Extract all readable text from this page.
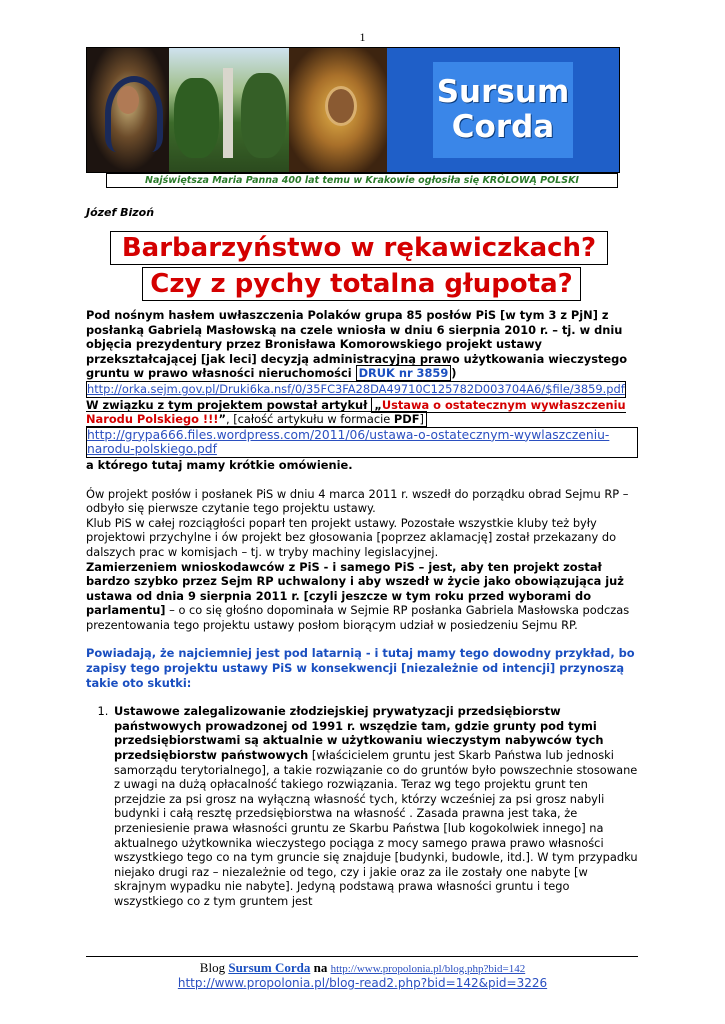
1
Sursum
Corda
Najświętsza Maria Panna 400 lat temu w Krakowie ogłosiła się KRÓLOWĄ POLSKI
Józef Bizoń
Barbarzyństwo w rękawiczkach?
Czy z pychy totalna głupota?

Pod nośnym hasłem uwłaszczenia Polaków grupa 85 posłów PiS [w tym 3 z PjN] z posłanką Gabrielą Masłowską na czele wniosła w dniu 6 sierpnia 2010 r. – tj. w dniu objęcia prezydentury przez Bronisława Komorowskiego projekt ustawy przekształcającej [jak leci] decyzją administracyjną prawo użytkowania wieczystego gruntu w prawo własności nieruchomości DRUK nr 3859 )
http://orka.sejm.gov.pl/Druki6ka.nsf/0/35FC3FA28DA49710C125782D003704A6/$file/3859.pdf
W związku z tym projektem powstał artykuł „Ustawa o ostatecznym wywłaszczeniu Narodu Polskiego !!!”, [całość artykułu w formacie PDF]
http://grypa666.files.wordpress.com/2011/06/ustawa-o-ostatecznym-wywlaszczeniu-narodu-polskiego.pdf
a którego tutaj mamy krótkie omówienie.

Ów projekt posłów i posłanek PiS w dniu 4 marca 2011 r. wszedł do porządku obrad Sejmu RP – odbyło się pierwsze czytanie tego projektu ustawy.
Klub PiS w całej rozciągłości poparł ten projekt ustawy. Pozostałe wszystkie kluby też były projektowi przychylne i ów projekt bez głosowania [poprzez aklamację] został przekazany do dalszych prac w komisjach – tj. w tryby machiny legislacyjnej.
Zamierzeniem wnioskodawców z PiS - i samego PiS – jest, aby ten projekt został bardzo szybko przez Sejm RP uchwalony i aby wszedł w życie jako obowiązująca już ustawa od dnia 9 sierpnia 2011 r. [czyli jeszcze w tym roku przed wyborami do parlamentu] – o co się głośno dopominała w Sejmie RP posłanka Gabriela Masłowska podczas prezentowania tego projektu ustawy posłom biorącym udział w posiedzeniu Sejmu RP.

Powiadają, że najciemniej jest pod latarnią - i tutaj mamy tego dowodny przykład, bo zapisy tego projektu ustawy PiS w konsekwencji [niezależnie od intencji] przynoszą takie oto skutki:

1. Ustawowe zalegalizowanie złodziejskiej prywatyzacji przedsiębiorstw państwowych prowadzonej od 1991 r. wszędzie tam, gdzie grunty pod tymi przedsiębiorstwami są aktualnie w użytkowaniu wieczystym nabywców tych przedsiębiorstw państwowych [właścicielem gruntu jest Skarb Państwa lub jednoski samorządu terytorialnego], a takie rozwiązanie co do gruntów było powszechnie stosowane z uwagi na dużą opłacalność takiego rozwiązania. Teraz wg tego projektu grunt ten przejdzie za psi grosz na wyłączną własność tych, którzy wcześniej za psi grosz nabyli budynki i całą resztę przedsiębiorstwa na własność . Zasada prawna jest taka, że przeniesienie prawa własności gruntu ze Skarbu Państwa [lub kogokolwiek innego] na aktualnego użytkownika wieczystego pociąga z mocy samego prawa prawo własności wszystkiego tego co na tym gruncie się znajduje [budynki, budowle, itd.]. W tym przypadku niejako drugi raz – niezależnie od tego, czy i jakie oraz za ile zostały one nabyte [w skrajnym wypadku nie nabyte]. Jedyną podstawą prawa własności gruntu i tego wszystkiego co z tym gruntem jest
Blog Sursum Corda na http://www.propolonia.pl/blog.php?bid=142
http://www.propolonia.pl/blog-read2.php?bid=142&pid=3226
